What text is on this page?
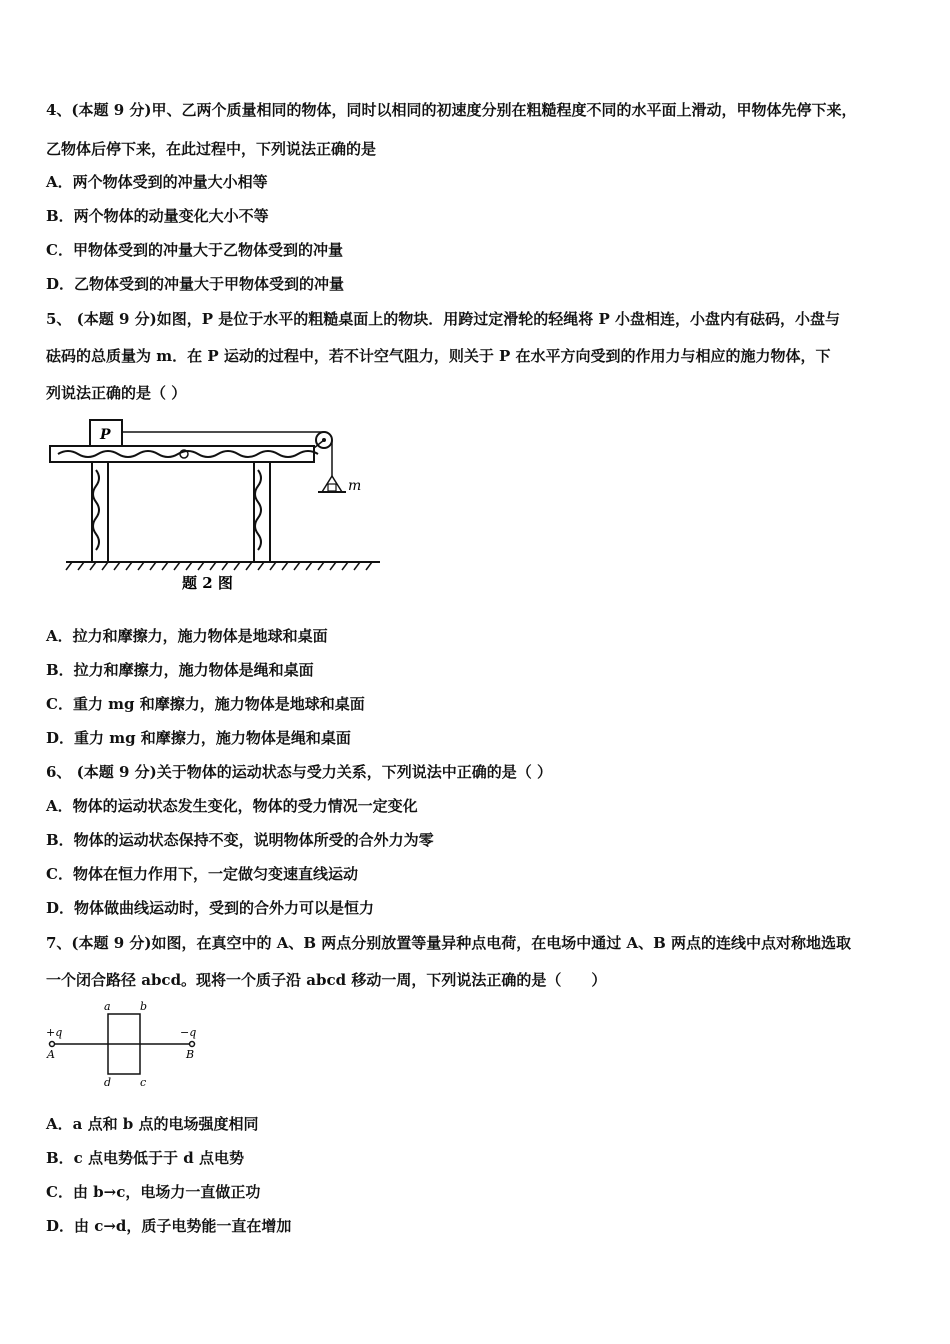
4、(本题 9 分)甲、乙两个质量相同的物体，同时以相同的初速度分别在粗糙程度不同的水平面上滑动，甲物体先停下来，
乙物体后停下来，在此过程中，下列说法正确的是
A．两个物体受到的冲量大小相等
B．两个物体的动量变化大小不等
C．甲物体受到的冲量大于乙物体受到的冲量
D．乙物体受到的冲量大于甲物体受到的冲量
5、 (本题 9 分)如图，P 是位于水平的粗糙桌面上的物块．用跨过定滑轮的轻绳将 P 小盘相连，小盘内有砝码，小盘与
砝码的总质量为 m．在 P 运动的过程中，若不计空气阻力，则关于 P 在水平方向受到的作用力与相应的施力物体，下
列说法正确的是（ ）
P
m
题 2 图
A．拉力和摩擦力，施力物体是地球和桌面
B．拉力和摩擦力，施力物体是绳和桌面
C．重力 mg 和摩擦力，施力物体是地球和桌面
D．重力 mg 和摩擦力，施力物体是绳和桌面
6、 (本题 9 分)关于物体的运动状态与受力关系，下列说法中正确的是（ ）
A．物体的运动状态发生变化，物体的受力情况一定变化
B．物体的运动状态保持不变，说明物体所受的合外力为零
C．物体在恒力作用下，一定做匀变速直线运动
D．物体做曲线运动时，受到的合外力可以是恒力
7、(本题 9 分)如图，在真空中的 A、B 两点分别放置等量异种点电荷，在电场中通过 A、B 两点的连线中点对称地选取
一个闭合路径 abcd。现将一个质子沿 abcd 移动一周，下列说法正确的是（　　）
a	b
c
d
+q	−q
A	B
A．a 点和 b 点的电场强度相同
B．c 点电势低于于 d 点电势
C．由 b→c，电场力一直做正功
D．由 c→d，质子电势能一直在增加
